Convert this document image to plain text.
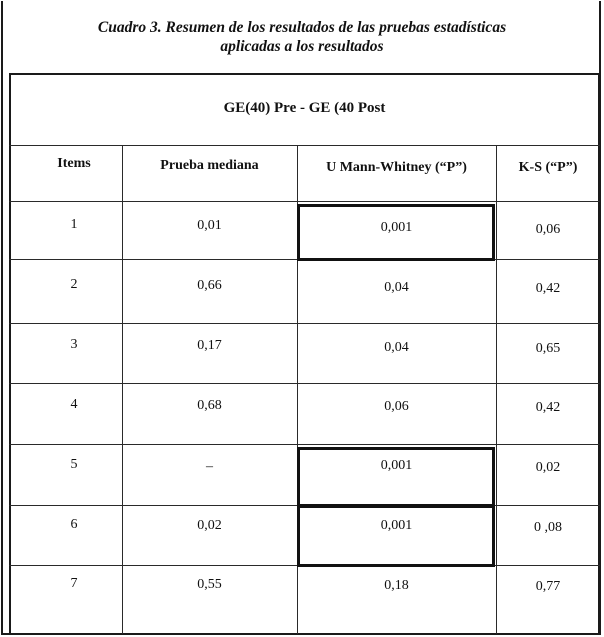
Cuadro 3. Resumen de los resultados de las pruebas estadísticas
aplicadas a los resultados
GE(40) Pre - GE (40 Post
Items	Prueba mediana	U Mann-Whitney (“P”)	K-S (“P”)
1	0,01	0,001	0,06
2	0,66	0,04	0,42
3	0,17	0,04	0,65
4	0,68	0,06	0,42
5	–	0,001	0,02
6	0,02	0,001	0 ,08
7	0,55	0,18	0,77
